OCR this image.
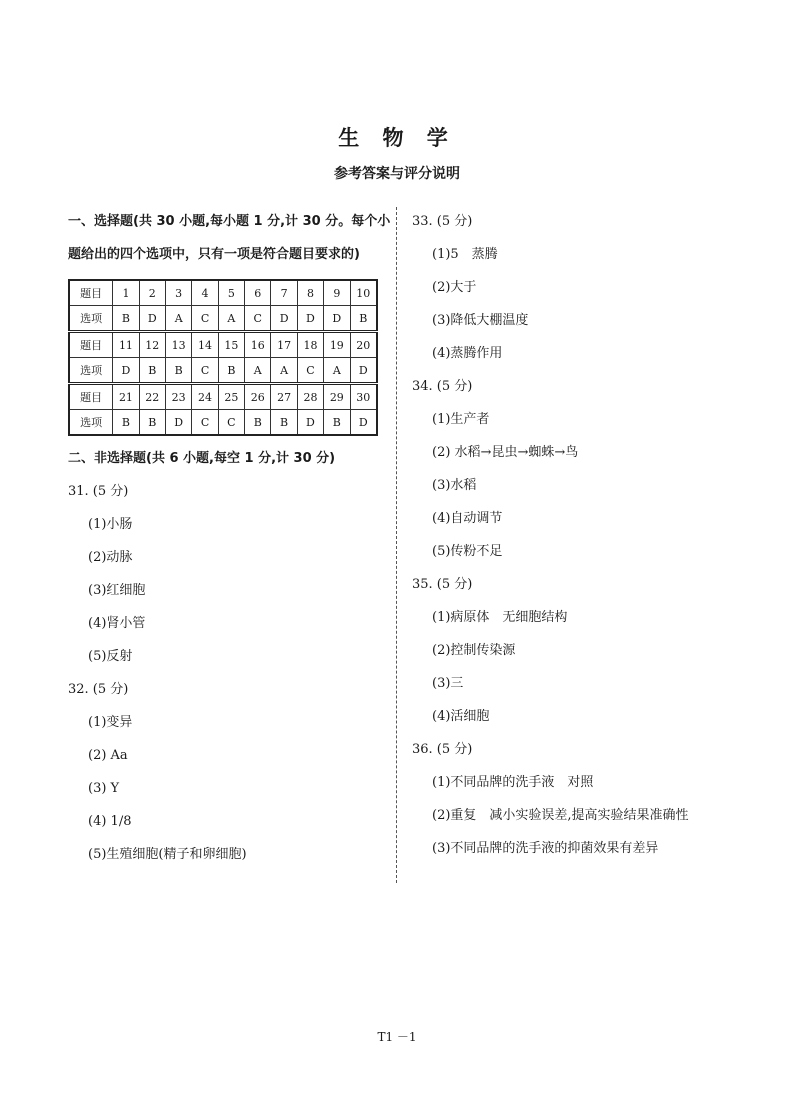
生 物 学
参考答案与评分说明
一、选择题(共 30 小题,每小题 1 分,计 30 分。每个小
题给出的四个选项中，只有一项是符合题目要求的)
题目	1	2	3	4	5	6	7	8	9	10
选项	B	D	A	C	A	C	D	D	D	B
题目	11	12	13	14	15	16	17	18	19	20
选项	D	B	B	C	B	A	A	C	A	D
题目	21	22	23	24	25	26	27	28	29	30
选项	B	B	D	C	C	B	B	D	B	D
二、非选择题(共 6 小题,每空 1 分,计 30 分)
31. (5 分)
(1)小肠
(2)动脉
(3)红细胞
(4)肾小管
(5)反射
32. (5 分)
(1)变异
(2) Aa
(3) Y
(4) 1/8
(5)生殖细胞(精子和卵细胞)
33. (5 分)
(1)5　蒸腾
(2)大于
(3)降低大棚温度
(4)蒸腾作用
34. (5 分)
(1)生产者
(2) 水稻→昆虫→蜘蛛→鸟
(3)水稻
(4)自动调节
(5)传粉不足
35. (5 分)
(1)病原体　无细胞结构
(2)控制传染源
(3)三
(4)活细胞
36. (5 分)
(1)不同品牌的洗手液　对照
(2)重复　减小实验误差,提高实验结果准确性
(3)不同品牌的洗手液的抑菌效果有差异
T1 －1
